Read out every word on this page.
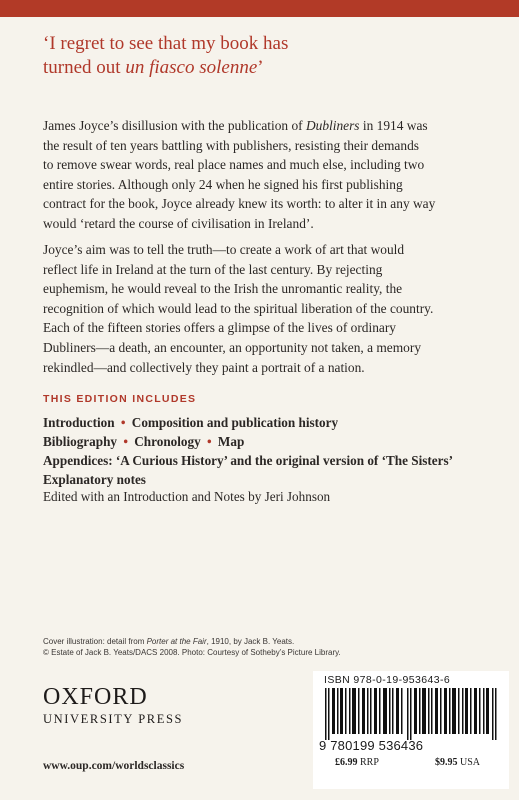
‘I regret to see that my book has
turned out un fiasco solenne’
James Joyce’s disillusion with the publication of Dubliners in 1914 was
the result of ten years battling with publishers, resisting their demands
to remove swear words, real place names and much else, including two
entire stories. Although only 24 when he signed his first publishing
contract for the book, Joyce already knew its worth: to alter it in any way
would ‘retard the course of civilisation in Ireland’.
Joyce’s aim was to tell the truth—to create a work of art that would
reflect life in Ireland at the turn of the last century. By rejecting
euphemism, he would reveal to the Irish the unromantic reality, the
recognition of which would lead to the spiritual liberation of the country.
Each of the fifteen stories offers a glimpse of the lives of ordinary
Dubliners—a death, an encounter, an opportunity not taken, a memory
rekindled—and collectively they paint a portrait of a nation.
THIS EDITION INCLUDES
Introduction • Composition and publication history
Bibliography • Chronology • Map
Appendices: ‘A Curious History’ and the original version of ‘The Sisters’
Explanatory notes
Edited with an Introduction and Notes by Jeri Johnson
Cover illustration: detail from Porter at the Fair, 1910, by Jack B. Yeats.
© Estate of Jack B. Yeats/DACS 2008. Photo: Courtesy of Sotheby’s Picture Library.
OXFORD
UNIVERSITY PRESS
www.oup.com/worldsclassics
ISBN 978-0-19-953643-6
9 780199 536436
£6.99 RRP	$9.95 USA
